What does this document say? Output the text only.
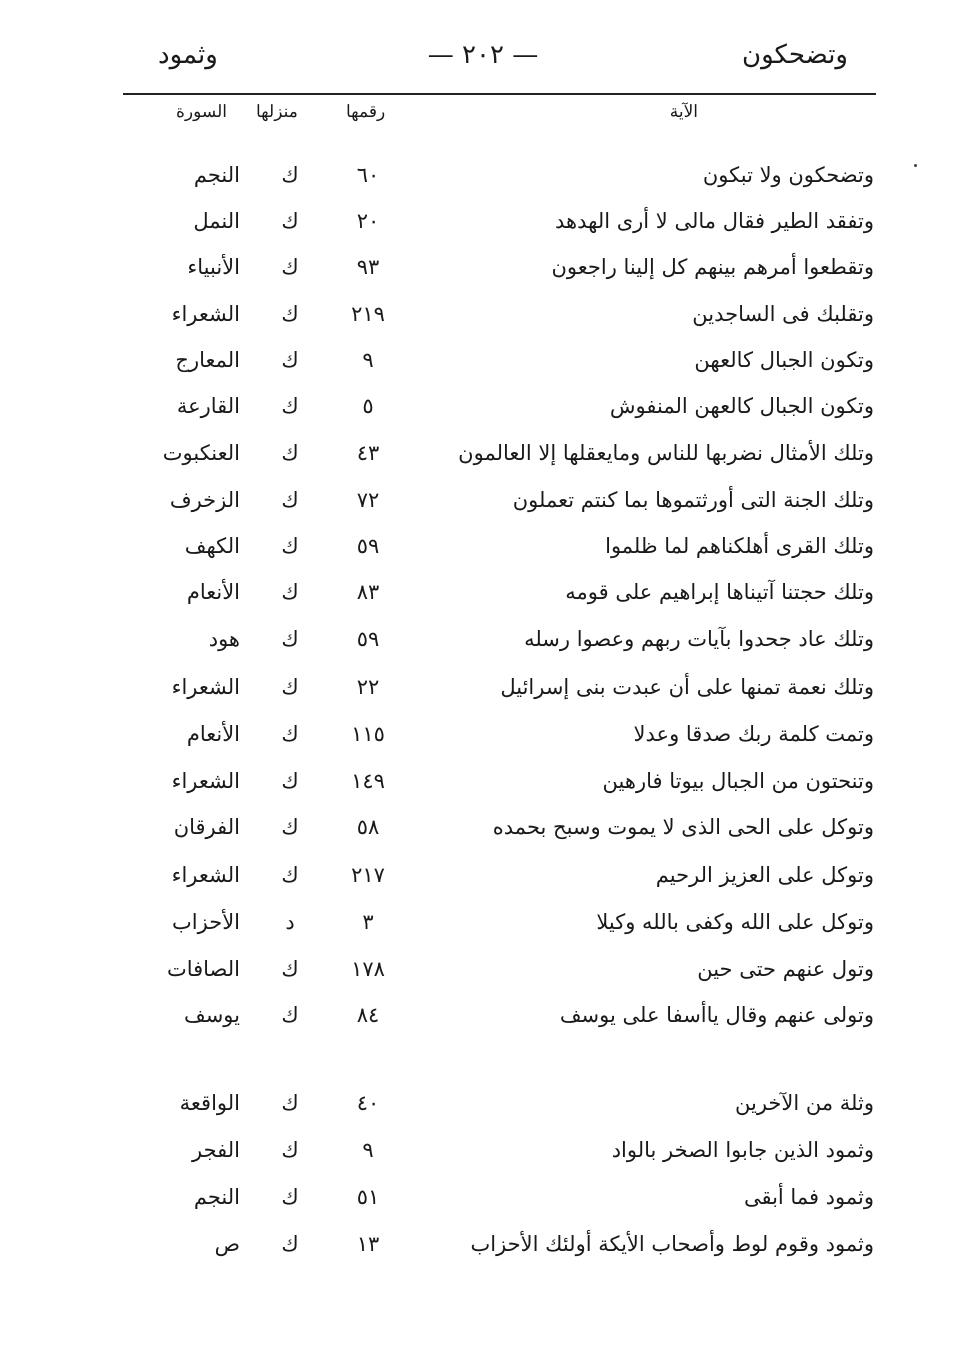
وتضحكون
— ٢٠٢ —
وثمود
الآية
رقمها
منزلها
السورة
وتضحكون ولا تبكون
٦٠
ك
النجم
وتفقد الطير فقال مالى لا أرى الهدهد
٢٠
ك
النمل
وتقطعوا أمرهم بينهم كل إلينا راجعون
٩٣
ك
الأنبياء
وتقلبك فى الساجدين
٢١٩
ك
الشعراء
وتكون الجبال كالعهن
٩
ك
المعارج
وتكون الجبال كالعهن المنفوش
٥
ك
القارعة
وتلك الأمثال نضربها للناس ومايعقلها إلا العالمون
٤٣
ك
العنكبوت
وتلك الجنة التى أورثتموها بما كنتم تعملون
٧٢
ك
الزخرف
وتلك القرى أهلكناهم لما ظلموا
٥٩
ك
الكهف
وتلك حجتنا آتيناها إبراهيم على قومه
٨٣
ك
الأنعام
وتلك عاد جحدوا بآيات ربهم وعصوا رسله
٥٩
ك
هود
وتلك نعمة تمنها على أن عبدت بنى إسرائيل
٢٢
ك
الشعراء
وتمت كلمة ربك صدقا وعدلا
١١٥
ك
الأنعام
وتنحتون من الجبال بيوتا فارهين
١٤٩
ك
الشعراء
وتوكل على الحى الذى لا يموت وسبح بحمده
٥٨
ك
الفرقان
وتوكل على العزيز الرحيم
٢١٧
ك
الشعراء
وتوكل على الله وكفى بالله وكيلا
٣
د
الأحزاب
وتول عنهم حتى حين
١٧٨
ك
الصافات
وتولى عنهم وقال ياأسفا على يوسف
٨٤
ك
يوسف
وثلة من الآخرين
٤٠
ك
الواقعة
وثمود الذين جابوا الصخر بالواد
٩
ك
الفجر
وثمود فما أبقى
٥١
ك
النجم
وثمود وقوم لوط وأصحاب الأيكة أولئك الأحزاب
١٣
ك
ص
